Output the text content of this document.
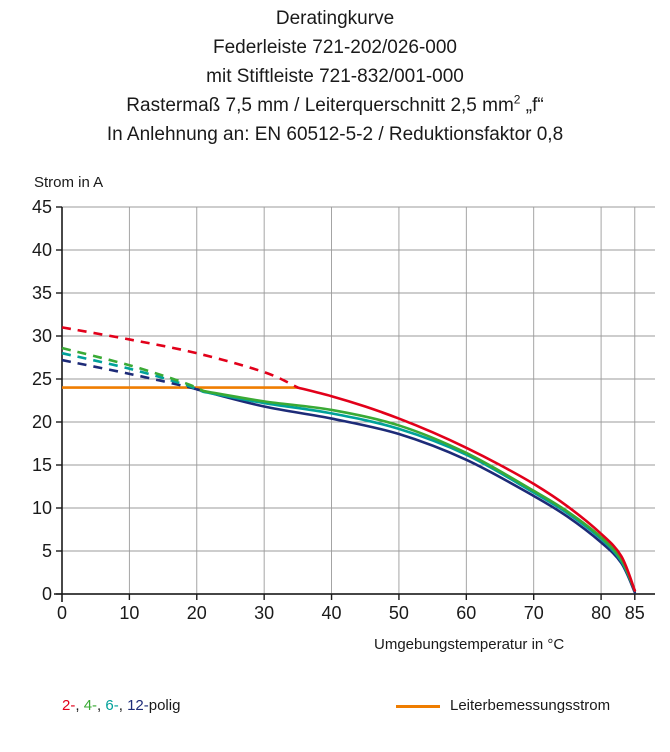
Deratingkurve
Federleiste 721-202/026-000
mit Stiftleiste 721-832/001-000
Rastermaß 7,5 mm / Leiterquerschnitt 2,5 $mm^2$ „f“
In Anlehnung an: EN 60512-5-2 / Reduktionsfaktor 0,8
Strom in A
Umgebungstemperatur in °C
0
5
10
15
20
25
30
35
40
45
0	10	20	30	40	50	60	70	80 85
2-, 4-, 6-, 12-polig	Leiterbemessungsstrom
